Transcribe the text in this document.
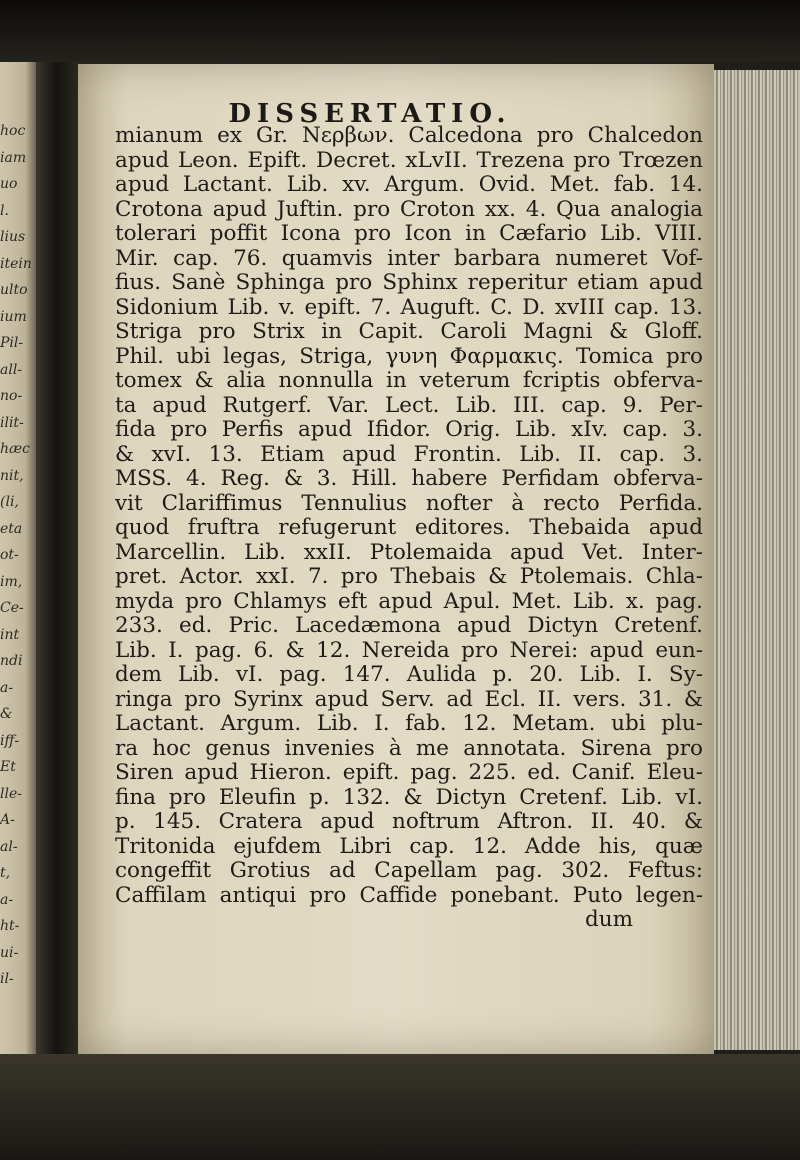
hoc
iam
uo
l.
lius
itein
ulto
ium
Pil-
all-
no-
ilit-
hæc
nit,
(li,
eta
ot-
im,
Ce-
int
ndi
a-
&
iff-
Et
lle-
A-
al-
t,
a-
ht-
ui-
il-
DISSERTATIO.
mianum ex Gr. Νερβων. Calcedona pro Chalcedon
apud Leon. Epift. Decret. xLvII. Trezena pro Trœzen
apud Lactant. Lib. xv. Argum. Ovid. Met. fab. 14.
Crotona apud Juftin. pro Croton xx. 4. Qua analogia
tolerari poffit Icona pro Icon in Cæfario Lib. VIII.
Mir. cap. 76. quamvis inter barbara numeret Vof-
fius. Sanè Sphinga pro Sphinx reperitur etiam apud
Sidonium Lib. v. epift. 7. Auguft. C. D. xvIII cap. 13.
Striga pro Strix in Capit. Caroli Magni & Gloff.
Phil. ubi legas, Striga, γυνη Φαρμακις. Tomica pro
tomex & alia nonnulla in veterum fcriptis obferva-
ta apud Rutgerf. Var. Lect. Lib. III. cap. 9. Per-
fida pro Perfis apud Ifidor. Orig. Lib. xIv. cap. 3.
& xvI. 13. Etiam apud Frontin. Lib. II. cap. 3.
MSS. 4. Reg. & 3. Hill. habere Perfidam obferva-
vit Clariffimus Tennulius nofter à recto Perfida.
quod fruftra refugerunt editores. Thebaida apud
Marcellin. Lib. xxII. Ptolemaida apud Vet. Inter-
pret. Actor. xxI. 7. pro Thebais & Ptolemais. Chla-
myda pro Chlamys eft apud Apul. Met. Lib. x. pag.
233. ed. Pric. Lacedæmona apud Dictyn Cretenf.
Lib. I. pag. 6. & 12. Nereida pro Nerei: apud eun-
dem Lib. vI. pag. 147. Aulida p. 20. Lib. I. Sy-
ringa pro Syrinx apud Serv. ad Ecl. II. vers. 31. &
Lactant. Argum. Lib. I. fab. 12. Metam. ubi plu-
ra hoc genus invenies à me annotata. Sirena pro
Siren apud Hieron. epift. pag. 225. ed. Canif. Eleu-
fina pro Eleufin p. 132. & Dictyn Cretenf. Lib. vI.
p. 145. Cratera apud noftrum Aftron. II. 40. &
Tritonida ejufdem Libri cap. 12. Adde his, quæ
congeffit Grotius ad Capellam pag. 302. Feftus:
Caffilam antiqui pro Caffide ponebant. Puto legen-
dum
